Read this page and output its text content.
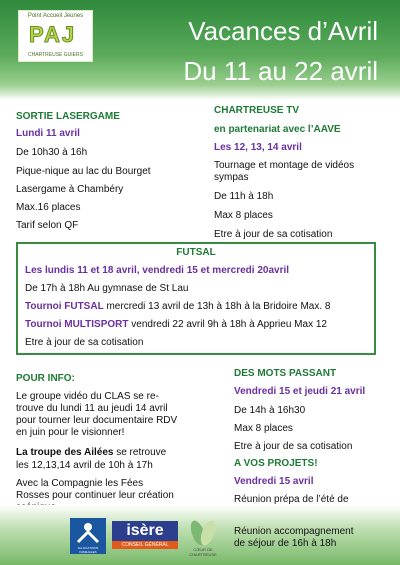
Point Accueil Jeunes
PAJ
CHARTREUSE GUIERS
Vacances d’Avril
Du 11 au 22 avril
SORTIE LASERGAME
Lundi 11 avril
De 10h30 à 16h
Pique-nique au lac du Bourget
Lasergame à Chambéry
Max.16 places
Tarif selon QF
CHARTREUSE TV
en partenariat avec l’AAVE
Les 12, 13, 14 avril
Tournage et montage de vidéos
sympas
De 11h à 18h
Max 8 places
Etre à jour de sa cotisation
FUTSAL
Les lundis 11 et 18 avril, vendredi 15 et mercredi 20avril
De 17h à 18h Au gymnase de St Lau
Tournoi FUTSAL mercredi 13 avril de 13h à 18h à la Bridoire Max. 8
Tournoi MULTISPORT vendredi 22 avril 9h à 18h à Apprieu Max 12
Etre à jour de sa cotisation
POUR INFO:
Le groupe vidéo du CLAS se re-
trouve du lundi 11 au jeudi 14 avril
pour tourner leur documentaire RDV
en juin pour le visionner!
La troupe des Ailées se retrouve
les 12,13,14 avril de 10h à 17h
Avec la Compagnie les Fées
Rosses pour continuer leur création
DES MOTS PASSANT
Vendredi 15 et jeudi 21 avril
De 14h à 16h30
Max 8 places
Etre à jour de sa cotisation
A VOS PROJETS!
Vendredi 15 avril
Réunion prépa de l’été de
Réunion accompagnement
de séjour de 16h à 18h
ALLOCATIONS FAMILIALES
isère
CONSEIL GÉNÉRAL
CŒUR DE CHARTREUSE
